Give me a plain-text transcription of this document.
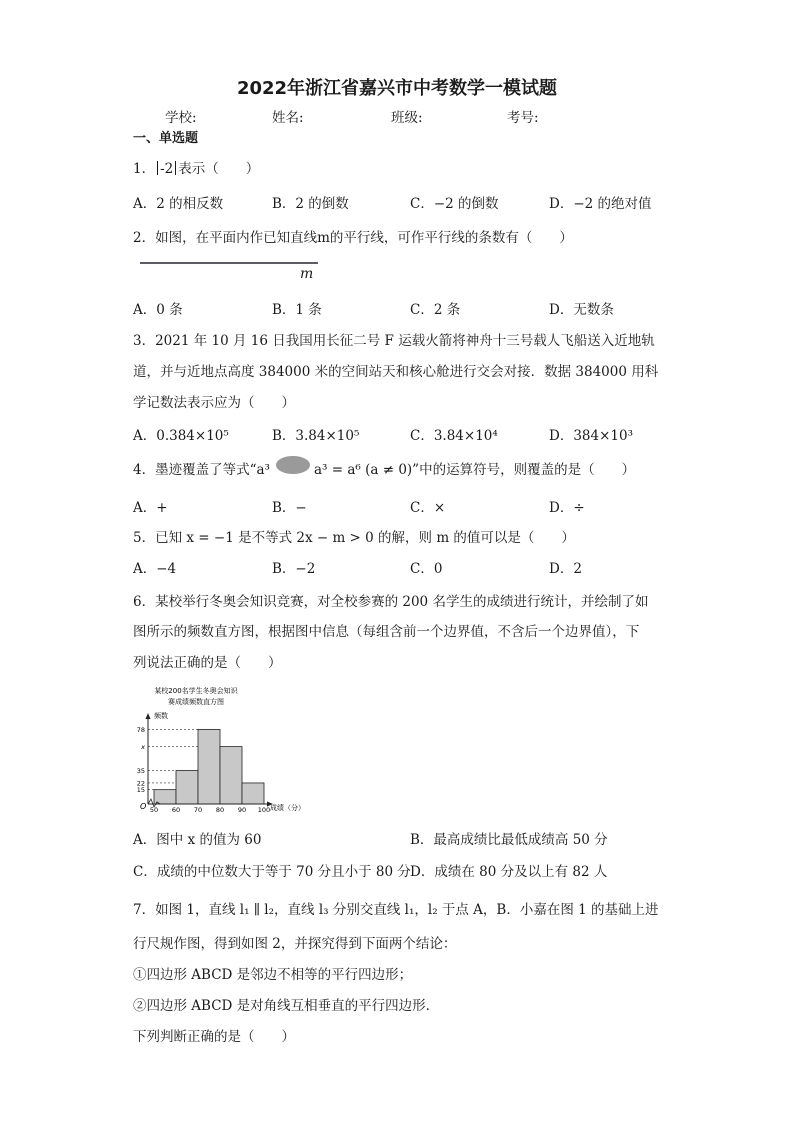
2022年浙江省嘉兴市中考数学一模试题
学校:	姓名:	班级:	考号:
一、单选题
1． -2 表示（　　）
A．2 的相反数	B．2 的倒数	C．−2 的倒数	D．−2 的绝对值
2．如图，在平面内作已知直线m的平行线，可作平行线的条数有（　　）
m
A．0 条	B．1 条	C．2 条	D．无数条
3．2021 年 10 月 16 日我国用长征二号 F 运载火箭将神舟十三号载人飞船送入近地轨
道，并与近地点高度 384000 米的空间站天和核心舱进行交会对接．数据 384000 用科
学记数法表示应为（　　）
A．0.384×10⁵	B．3.84×10⁵	C．3.84×10⁴	D．384×10³
4．墨迹覆盖了等式“a³	a³ = a⁶ (a ≠ 0)”中的运算符号，则覆盖的是（　　）
A．+	B．−	C．×	D．÷
5．已知 x = −1 是不等式 2x − m > 0 的解，则 m 的值可以是（　　）
A．−4	B．−2	C．0	D．2
6．某校举行冬奥会知识竞赛，对全校参赛的 200 名学生的成绩进行统计，并绘制了如
图所示的频数直方图，根据图中信息（每组含前一个边界值，不含后一个边界值），下
列说法正确的是（　　）
某校200名学生冬奥会知识
赛成绩频数直方图
频数
成绩（分）
O
15
22
35
x
78
50 60 70 80 90 100
A．图中 x 的值为 60	B．最高成绩比最低成绩高 50 分
C．成绩的中位数大于等于 70 分且小于 80 分 D．成绩在 80 分及以上有 82 人
7．如图 1，直线 l₁ ∥ l₂，直线 l₃ 分别交直线 l₁，l₂ 于点 A，B．小嘉在图 1 的基础上进
行尺规作图，得到如图 2，并探究得到下面两个结论：
①四边形 ABCD 是邻边不相等的平行四边形；
②四边形 ABCD 是对角线互相垂直的平行四边形．
下列判断正确的是（　　）
